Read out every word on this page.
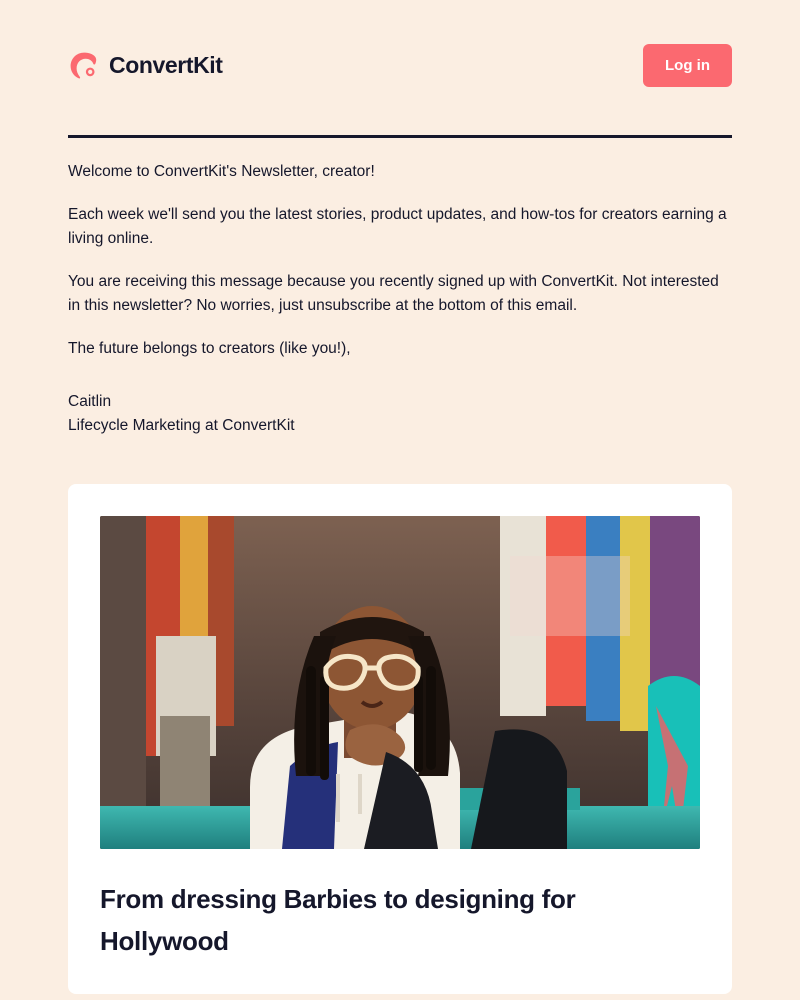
ConvertKit	Log in

Welcome to ConvertKit's Newsletter, creator!

Each week we'll send you the latest stories, product updates, and how-tos for creators earning a living online.

You are receiving this message because you recently signed up with ConvertKit. Not interested in this newsletter? No worries, just unsubscribe at the bottom of this email.

The future belongs to creators (like you!),

Caitlin
Lifecycle Marketing at ConvertKit

From dressing Barbies to designing for Hollywood
